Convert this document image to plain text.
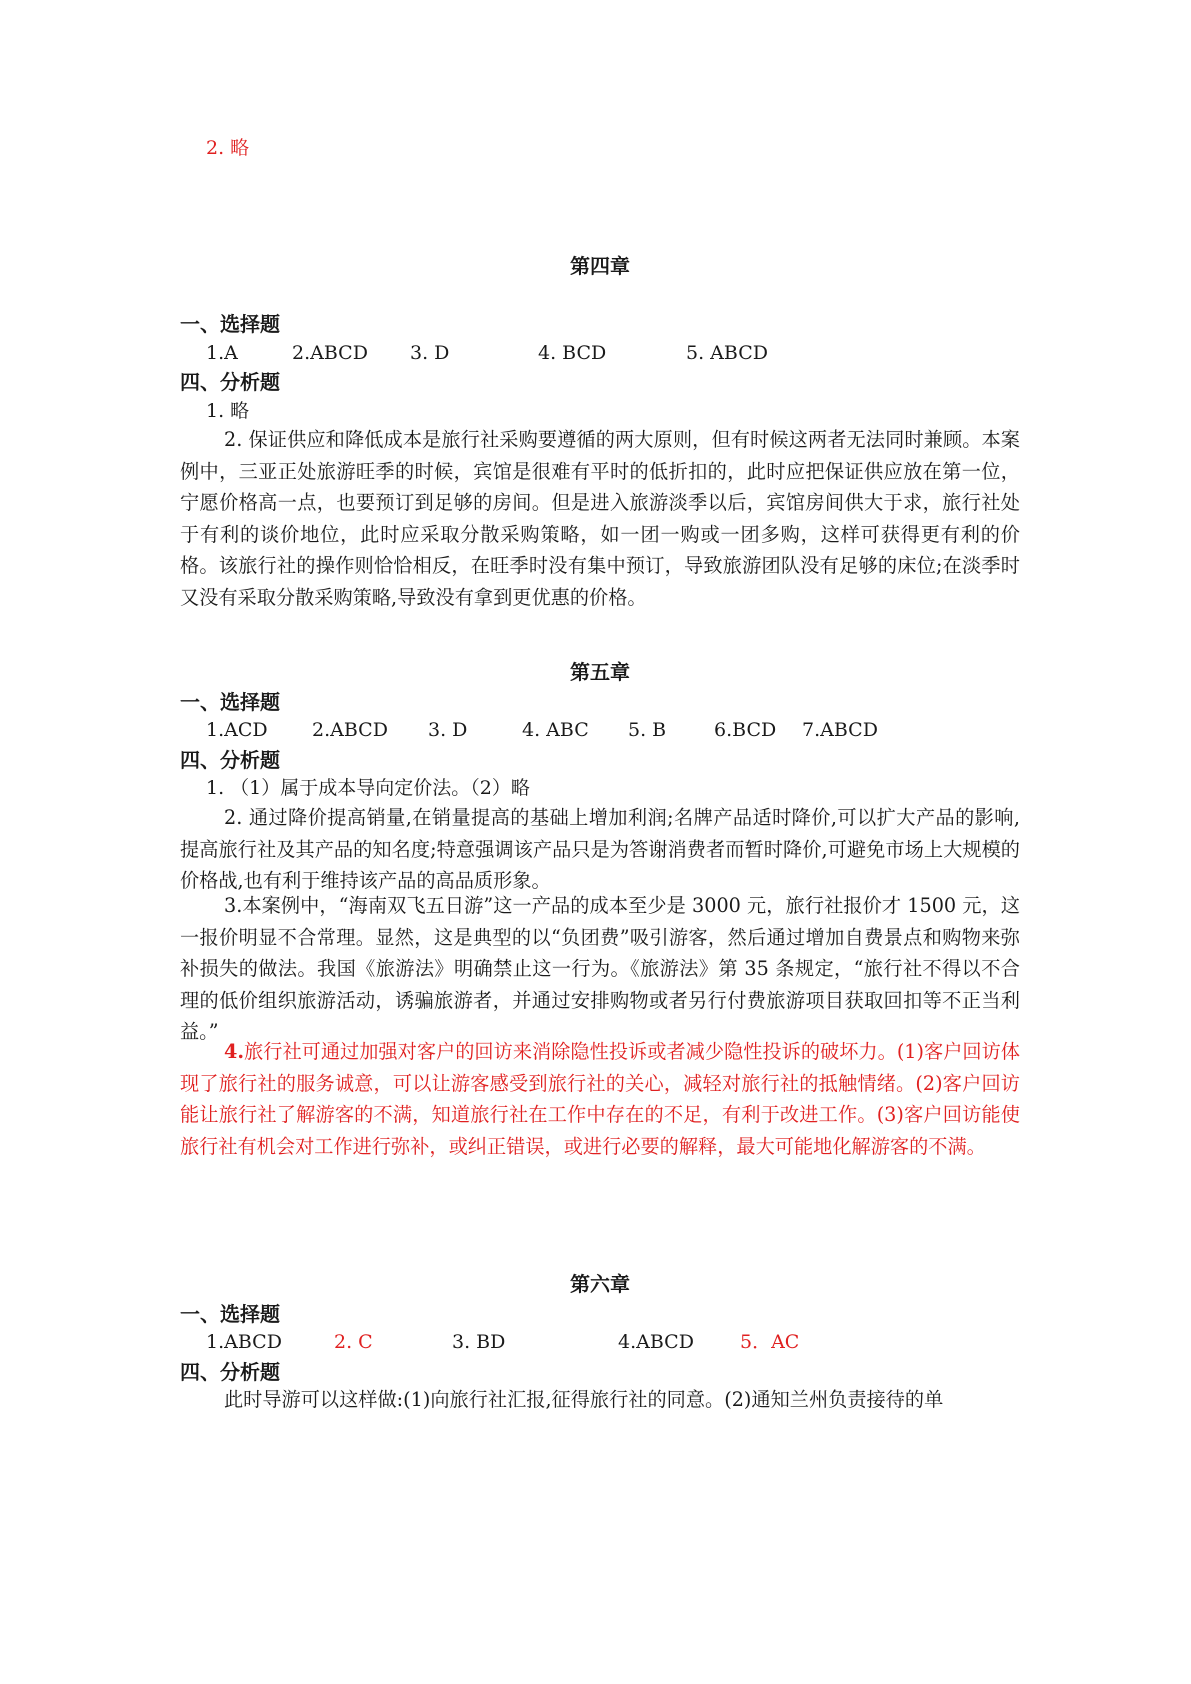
2. 略
第四章
一、选择题
1.A	2.ABCD 3. D	4. BCD	5. ABCD
四、分析题
1. 略
2. 保证供应和降低成本是旅行社采购要遵循的两大原则，但有时候这两者无法同时兼顾。本案例中，三亚正处旅游旺季的时候，宾馆是很难有平时的低折扣的，此时应把保证供应放在第一位，宁愿价格高一点，也要预订到足够的房间。但是进入旅游淡季以后，宾馆房间供大于求，旅行社处于有利的谈价地位，此时应采取分散采购策略，如一团一购或一团多购，这样可获得更有利的价格。该旅行社的操作则恰恰相反，在旺季时没有集中预订，导致旅游团队没有足够的床位;在淡季时又没有采取分散采购策略,导致没有拿到更优惠的价格。
第五章
一、选择题
1.ACD 2.ABCD 3. D	4. ABC 5. B	6.BCD 7.ABCD
四、分析题
1. （1）属于成本导向定价法。（2）略
2. 通过降价提高销量,在销量提高的基础上增加利润;名牌产品适时降价,可以扩大产品的影响,提高旅行社及其产品的知名度;特意强调该产品只是为答谢消费者而暂时降价,可避免市场上大规模的价格战,也有利于维持该产品的高品质形象。
3.本案例中，“海南双飞五日游”这一产品的成本至少是 3000 元，旅行社报价才 1500 元，这一报价明显不合常理。显然，这是典型的以“负团费”吸引游客，然后通过增加自费景点和购物来弥补损失的做法。我国《旅游法》明确禁止这一行为。《旅游法》第 35 条规定，“旅行社不得以不合理的低价组织旅游活动，诱骗旅游者，并通过安排购物或者另行付费旅游项目获取回扣等不正当利益。”
4.旅行社可通过加强对客户的回访来消除隐性投诉或者减少隐性投诉的破坏力。(1)客户回访体现了旅行社的服务诚意，可以让游客感受到旅行社的关心，减轻对旅行社的抵触情绪。(2)客户回访能让旅行社了解游客的不满，知道旅行社在工作中存在的不足，有利于改进工作。(3)客户回访能使旅行社有机会对工作进行弥补，或纠正错误，或进行必要的解释，最大可能地化解游客的不满。
第六章
一、选择题
1.ABCD	2. C	3. BD	4.ABCD 5．AC
四、分析题
此时导游可以这样做:(1)向旅行社汇报,征得旅行社的同意。(2)通知兰州负责接待的单
